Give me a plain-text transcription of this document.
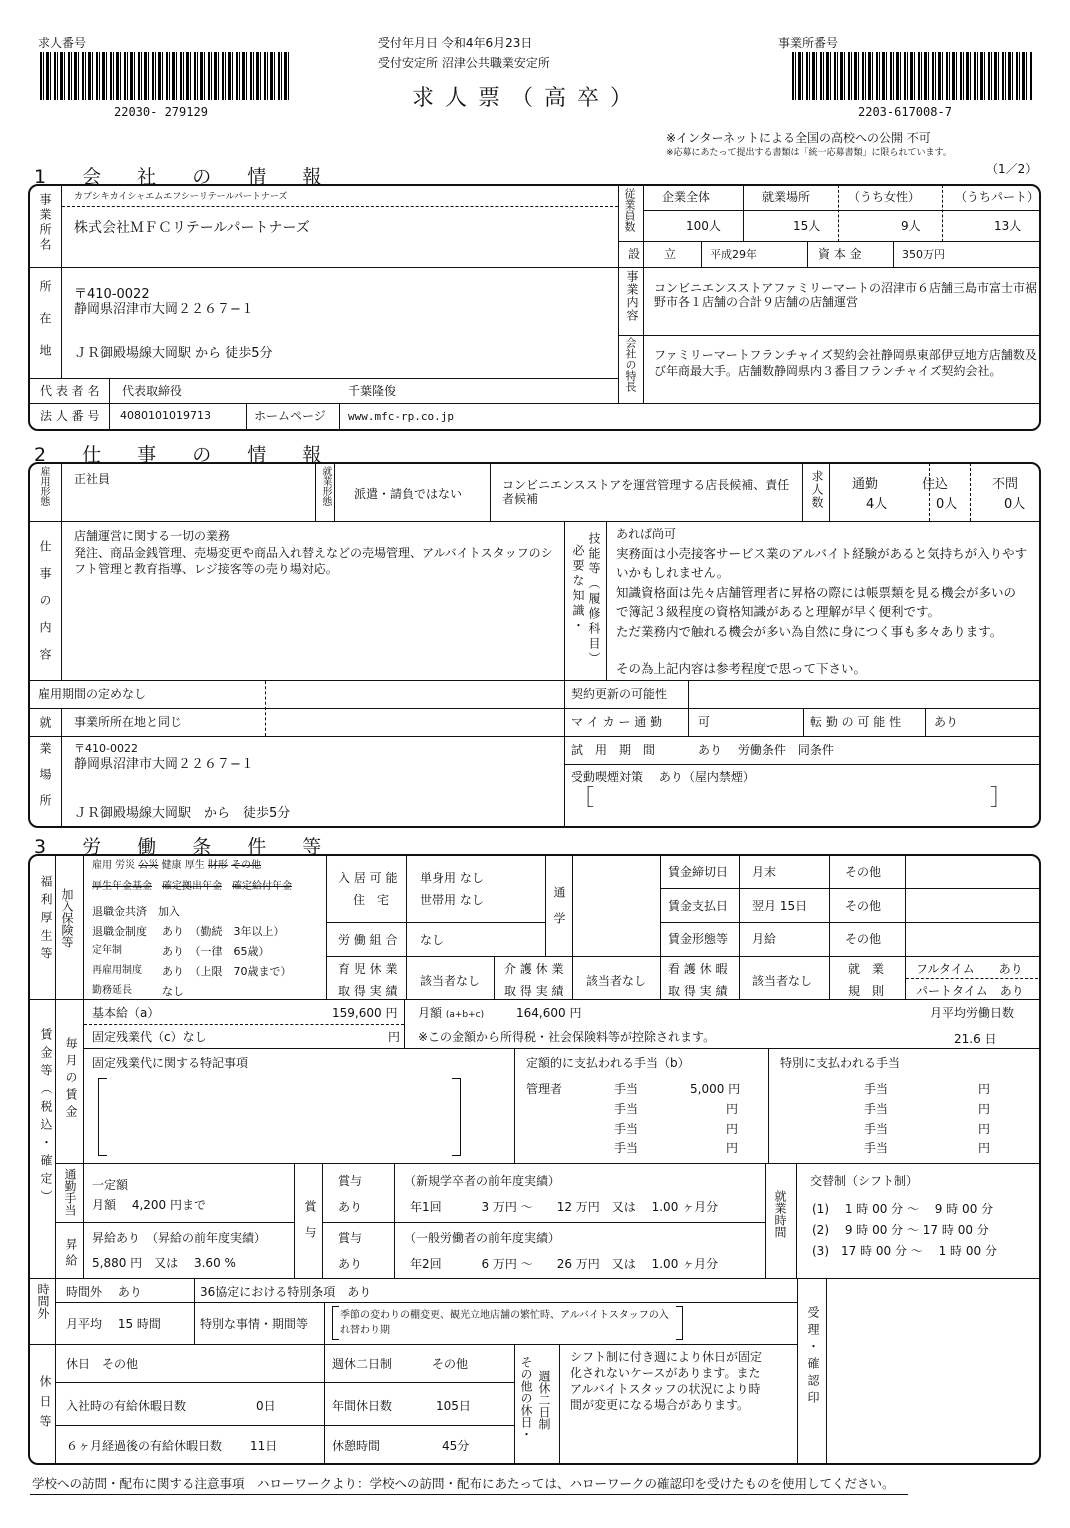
求人番号
22030- 279129
受付年月日 令和4年6月23日
受付安定所 沼津公共職業安定所
求 人 票 （ 高 卒 ）
事業所番号
2203-617008-7
※インターネットによる全国の高校への公開 不可
※応募にあたって提出する書類は「統一応募書類」に限られています。
1 会 社 の 情 報	（1／2）
事業所名 カブシキカイシャエムエフシーリテールパートナーズ
株式会社ＭＦＣリテールパートナーズ
所在地 〒410-0022
静岡県沼津市大岡２２６７−１
ＪＲ御殿場線大岡駅 から 徒歩5分
代 表 者 名 代表取締役	千葉隆俊
法 人 番 号 4080101019713	ホームページ www.mfc-rp.co.jp
従業員数 企業全体	就業場所	（うち女性）	（うちパート）
100人	15人	9人	13人
設　　立	平成29年	資 本 金	350万円
事業内容 コンビニエンスストアファミリーマートの沼津市６店舗三島市富士市裾野市各１店舗の合計９店舗の店舗運営
会社の特長 ファミリーマートフランチャイズ契約会社静岡県東部伊豆地方店舗数及び年商最大手。店舗数静岡県内３番目フランチャイズ契約会社。
2 仕 事 の 情 報
雇用形態 正社員	就業形態 派遣・請負ではない
コンビニエンスストアを運営管理する店長候補、責任者候補	求人数 通勤	住込	不問
4人	0人	0人
仕事の内容
店舗運営に関する一切の業務
発注、商品金銭管理、売場変更や商品入れ替えなどの売場管理、アルバイトスタッフのシフト管理と教育指導、レジ接客等の売り場対応。	技能等（履修科目）
必要な知識・
あれば尚可
実務面は小売接客サービス業のアルバイト経験があると気持ちが入りやすいかもしれません。
知識資格面は先々店舗管理者に昇格の際には帳票類を見る機会が多いので簿記３級程度の資格知識があると理解が早く便利です。
ただ業務内で触れる機会が多い為自然に身につく事も多々あります。
その為上記内容は参考程度で思って下さい。
雇用期間の定めなし	契約更新の可能性
就業場所 事業所所在地と同じ	マ イ カ ー 通 勤	可	転 勤 の 可 能 性	あり
〒410-0022
静岡県沼津市大岡２２６７−１
試　用　期　間	あり　 労働条件　同条件
受動喫煙対策　 あり（屋内禁煙）
［	］
ＪＲ御殿場線大岡駅　から　徒歩5分
3 労 働 条 件 等
福利厚生等 加入保険等
雇用 労災 公災 健康 厚生 財形 その他
厚生年金基金　 確定拠出年金　 確定給付年金
退職金共済　加入
退職金制度 あり　（勤続　3年以上）
定年制	あり　（一律　65歳）
再雇用制度 あり　（上限　70歳まで）
勤務延長	なし
入 居 可 能
住　宅
単身用 なし
世帯用 なし	通学
労 働 組 合 なし
育 児 休 業
取 得 実 績
該当者なし
介 護 休 業
取 得 実 績
該当者なし
看 護 休 暇
取 得 実 績
該当者なし
賃金締切日 月末	その他
賃金支払日 翌月 15日	その他
賃金形態等 月給	その他
就　業
規　則
フルタイム　　あり
パートタイム　あり
賃金等（税込・確定） 毎月の賃金
基本給（a）	159,600 円
固定残業代（c）なし	円
月額 (a+b+c)	164,600 円
※この金額から所得税・社会保険料等が控除されます。
月平均労働日数
21.6 日
固定残業代に関する特記事項	定額的に支払われる手当（b）
管理者	手当	5,000 円
手当	円
手当	円
手当	円
特別に支払われる手当
手当	円
手当	円
手当	円
手当	円
通勤手当 一定額
月額　 4,200 円まで
昇給 昇給あり　（昇給の前年度実績）
5,880 円　又は　 3.60 %
賞与
賞与
あり
賞与
あり
（新規学卒者の前年度実績）
年1回　　　 3 万円 ～　　12 万円　又は　 1.00 ヶ月分
（一般労働者の前年度実績）
年2回　　　 6 万円 ～　　26 万円　又は　 1.00 ヶ月分
就業時間
交替制（シフト制）
(1)　 1 時 00 分 ～　 9 時 00 分
(2)　 9 時 00 分 ～ 17 時 00 分
(3)　17 時 00 分 ～　 1 時 00 分
時間外 時間外　 あり	36協定における特別条項　あり
月平均　 15 時間	特別な事情・期間等
季節の変わりの棚変更、観光立地店舗の繁忙時、アルバイトスタッフの入れ替わり期	受理・確認印
休日等
休日　その他	週休二日制	その他
入社時の有給休暇日数	0日	年間休日数	105日
６ヶ月経過後の有給休暇日数 11日	休憩時間	45分
その他の休日・ 週休二日制
シフト制に付き週により休日が固定化されないケースがあります。またアルバイトスタッフの状況により時間が変更になる場合があります。
学校への訪問・配布に関する注意事項　ハローワークより：学校への訪問・配布にあたっては、ハローワークの確認印を受けたものを使用してください。
